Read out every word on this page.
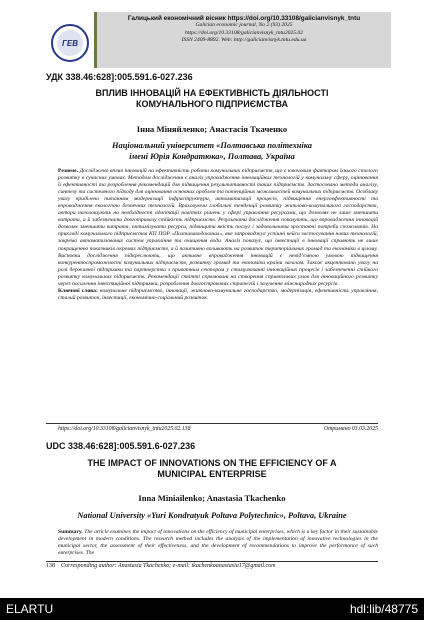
ГЕВ
Галицький економічний вісник https://doi.org/10.33108/galicianvisnyk_tntu
Galician economic journal, No 2 (93) 2025
https://doi.org/10.33108/galicianvisnyk_tntu2025.02
ISSN 2409-8892. Web: http://galicianvisnyk.tntu.edu.ua
УДК 338.46:628]:005.591.6-027.236
ВПЛИВ ІННОВАЦІЙ НА ЕФЕКТИВНІСТЬ ДІЯЛЬНОСТІ
КОМУНАЛЬНОГО ПІДПРИЄМСТВА
Інна Міняйленко; Анастасія Ткаченко
Національний університет «Полтавська політехніка
імені Юрія Кондратюка», Полтава, Україна
Резюме. Досліджено вплив інновацій на ефективність роботи комунальних підприємств, що є ключовим фактором їхнього сталого розвитку в сучасних умовах. Методом дослідження є аналіз упровадження інноваційних технологій у комунальну сферу, оцінювання її ефективності та розроблення рекомендацій для підвищення результативності таких підприємств. Застосовано методи аналізу, синтезу та системного підходу для оцінювання основних проблем та потенційних можливостей комунальних підприємств. Особливу увагу приділено питанням модернізації інфраструктури, автоматизації процесів, підвищення енергоефективності та впровадження екологічно безпечних технологій. Враховуючи глобальні тенденції розвитку житлово-комунального господарства, автори наголошують на необхідності адаптації новітніх рішень у сфері управління ресурсами, що дозволяє не лише зменшити витрати, а й забезпечити довготривалу стійкість підприємств. Результати дослідження показують, що впровадження інновацій дозволяє зменшити витрати, оптимізувати ресурси, підвищити якість послуг і задовольнити зростаючі потреби споживачів. На прикладі комунального підприємства КП ПОР «Полтававодоканал», яке запроваджує успішні кейси застосування нових технологій, зокрема автоматизованих систем управління та очищення води. Аналіз показує, що інвестиції в інновації сприяють не лише покращенню показників окремих підприємств, а й позитивно впливають на розвиток територіальних громад та економіки в цілому. Висновки дослідження підкреслюють, що активне впровадження інновацій є невід’ємною умовою підвищення конкурентоспроможності комунальних підприємств, розвитку громад та економіки країни загалом. Також акцентовано увагу на ролі державної підтримки та партнерства з приватним сектором у стимулюванні інноваційних процесів і забезпеченні стійкого розвитку комунальних підприємств. Рекомендації статті спрямовані на створення сприятливих умов для інноваційного розвитку через посилення інвестиційної підтримки, розроблення довгострокових стратегій і залучення міжнародних ресурсів.
Ключові слова: комунальне підприємство, інновації, житлово-комунальне господарство, модернізація, ефективність управління, сталий розвиток, інвестиції, економічно-соціальний розвиток.
https://doi.org/10.33108/galicianvisnyk_tntu2025.02.138	Отримано 03.03.2025
UDC 338.46:628]:005.591.6-027.236
THE IMPACT OF INNOVATIONS ON THE EFFICIENCY OF A
MUNICIPAL ENTERPRISE
Inna Miniailenko; Anastasia Tkachenko
National University «Yuri Kondratyuk Poltava Polytechnic», Poltava, Ukraine
Summary. The article examines the impact of innovations on the efficiency of municipal enterprises, which is a key factor in their sustainable development in modern conditions. The research method includes the analysis of the implementation of innovative technologies in the municipal sector, the assessment of their effectiveness, and the development of recommendations to improve the performance of such enterprises. The
138 Corresponding author: Anastasia Tkachenko; e-mail: tkachenkoanastasia17@gmail.com
ELARTU	hdl:lib/48775
